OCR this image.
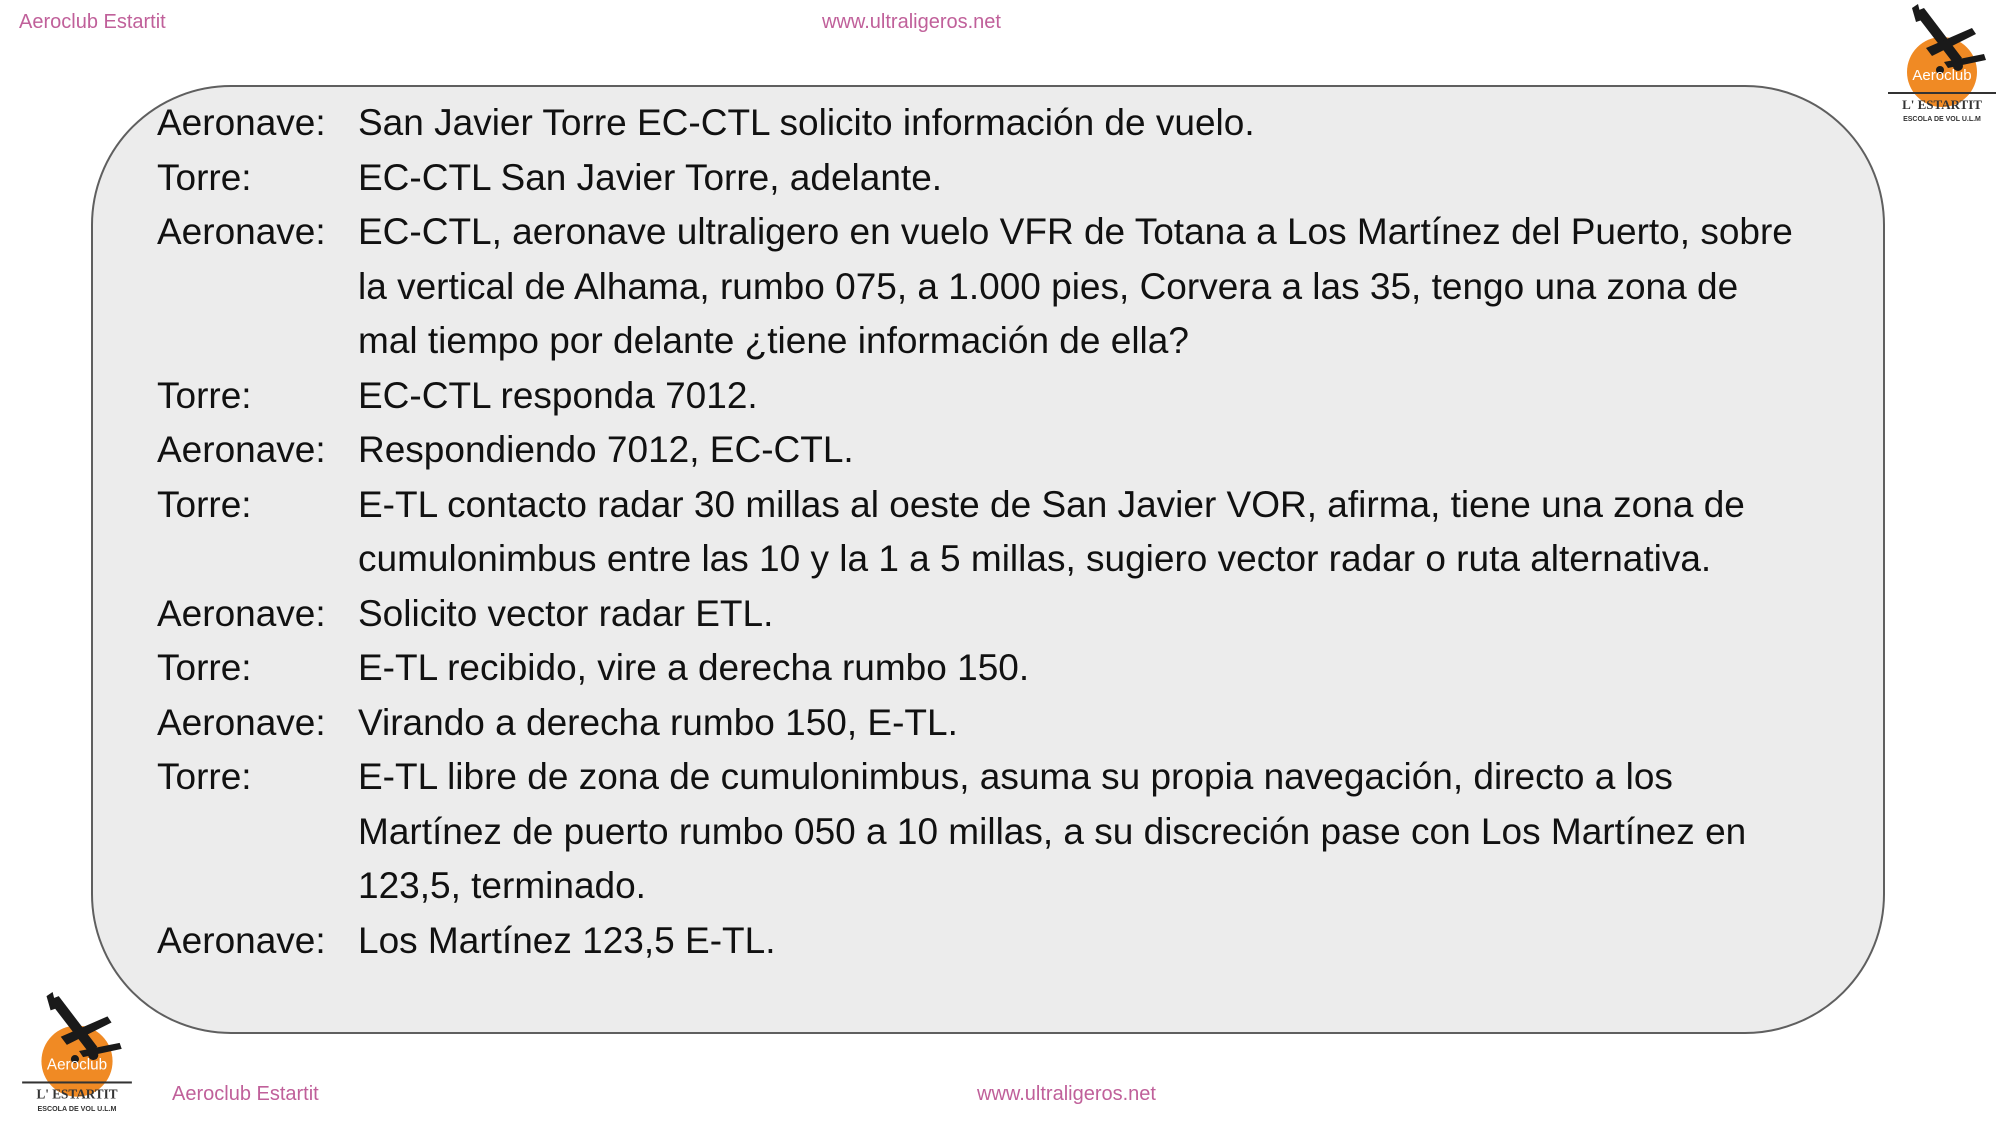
Aeroclub Estartit	www.ultraligeros.net
Aeroclub
L' ESTARTIT
ESCOLA DE VOL U.L.M
Aeronave: San Javier Torre EC-CTL solicito información de vuelo.
Torre:	EC-CTL San Javier Torre, adelante.
Aeronave: EC-CTL, aeronave ultraligero en vuelo VFR de Totana a Los Martínez del Puerto, sobre la vertical de Alhama, rumbo 075, a 1.000 pies, Corvera a las 35, tengo una zona de mal tiempo por delante ¿tiene información de ella?
Torre:	EC-CTL responda 7012.
Aeronave: Respondiendo 7012, EC-CTL.
Torre:	E-TL contacto radar 30 millas al oeste de San Javier VOR, afirma, tiene una zona de cumulonimbus entre las 10 y la 1 a 5 millas, sugiero vector radar o ruta alternativa.
Aeronave: Solicito vector radar ETL.
Torre:	E-TL recibido, vire a derecha rumbo 150.
Aeronave: Virando a derecha rumbo 150, E-TL.
Torre:	E-TL libre de zona de cumulonimbus, asuma su propia navegación, directo a los Martínez de puerto rumbo 050 a 10 millas, a su discreción pase con Los Martínez en 123,5, terminado.
Aeronave: Los Martínez 123,5 E-TL.
Aeroclub
L' ESTARTIT
ESCOLA DE VOL U.L.M
Aeroclub Estartit	www.ultraligeros.net
